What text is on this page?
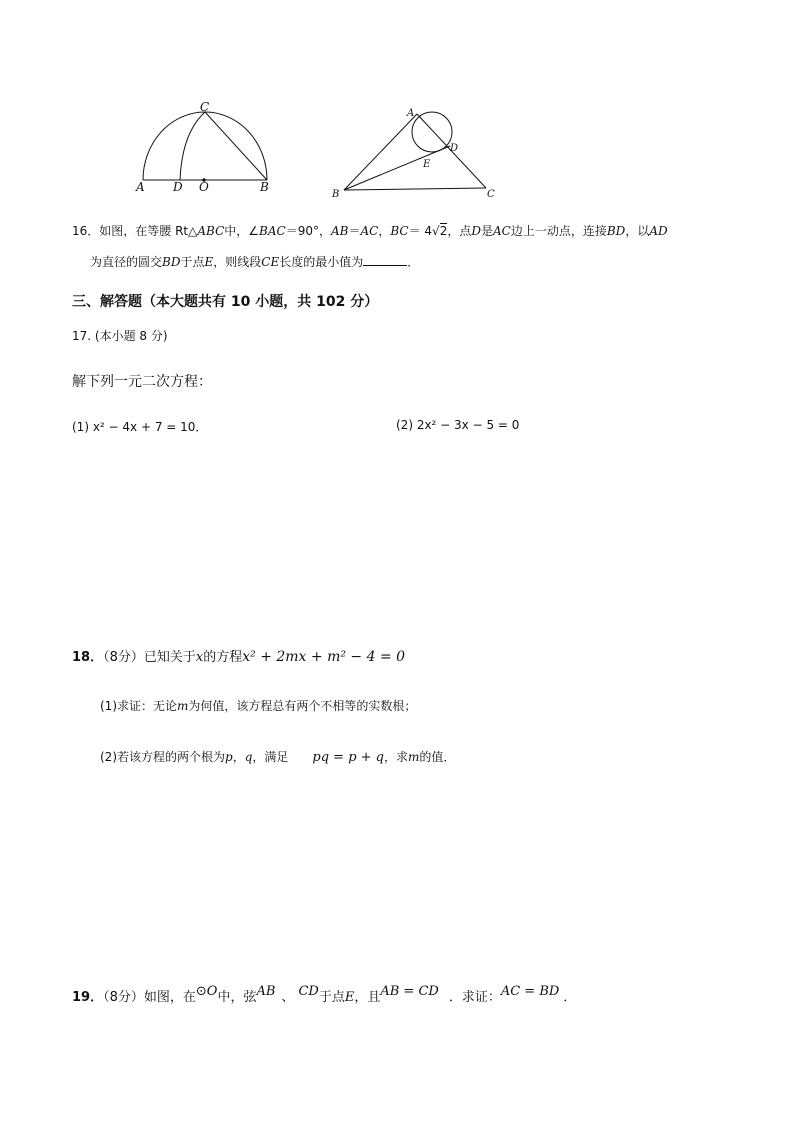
C
A D O	B
A
D
E
B	C
16．如图，在等腰 Rt△ABC中，∠BAC＝90°，AB＝AC，BC＝ 4√2，点D是AC边上一动点，连接BD，以AD
为直径的圆交BD于点E，则线段CE长度的最小值为	．
三、解答题（本大题共有 10 小题，共 102 分）
17. (本小题 8 分)
解下列一元二次方程：
(1) x² − 4x + 7 = 10．	(2) 2x² − 3x − 5 = 0
18．（8分）已知关于x的方程x² + 2mx + m² − 4 = 0
(1)求证：无论m为何值，该方程总有两个不相等的实数根；
(2)若该方程的两个根为p，q，满足 pq = p + q，求m的值．
19．（8分）如图，在⊙O中，弦AB 、 CD于点E，且AB = CD ．求证：AC = BD ．
